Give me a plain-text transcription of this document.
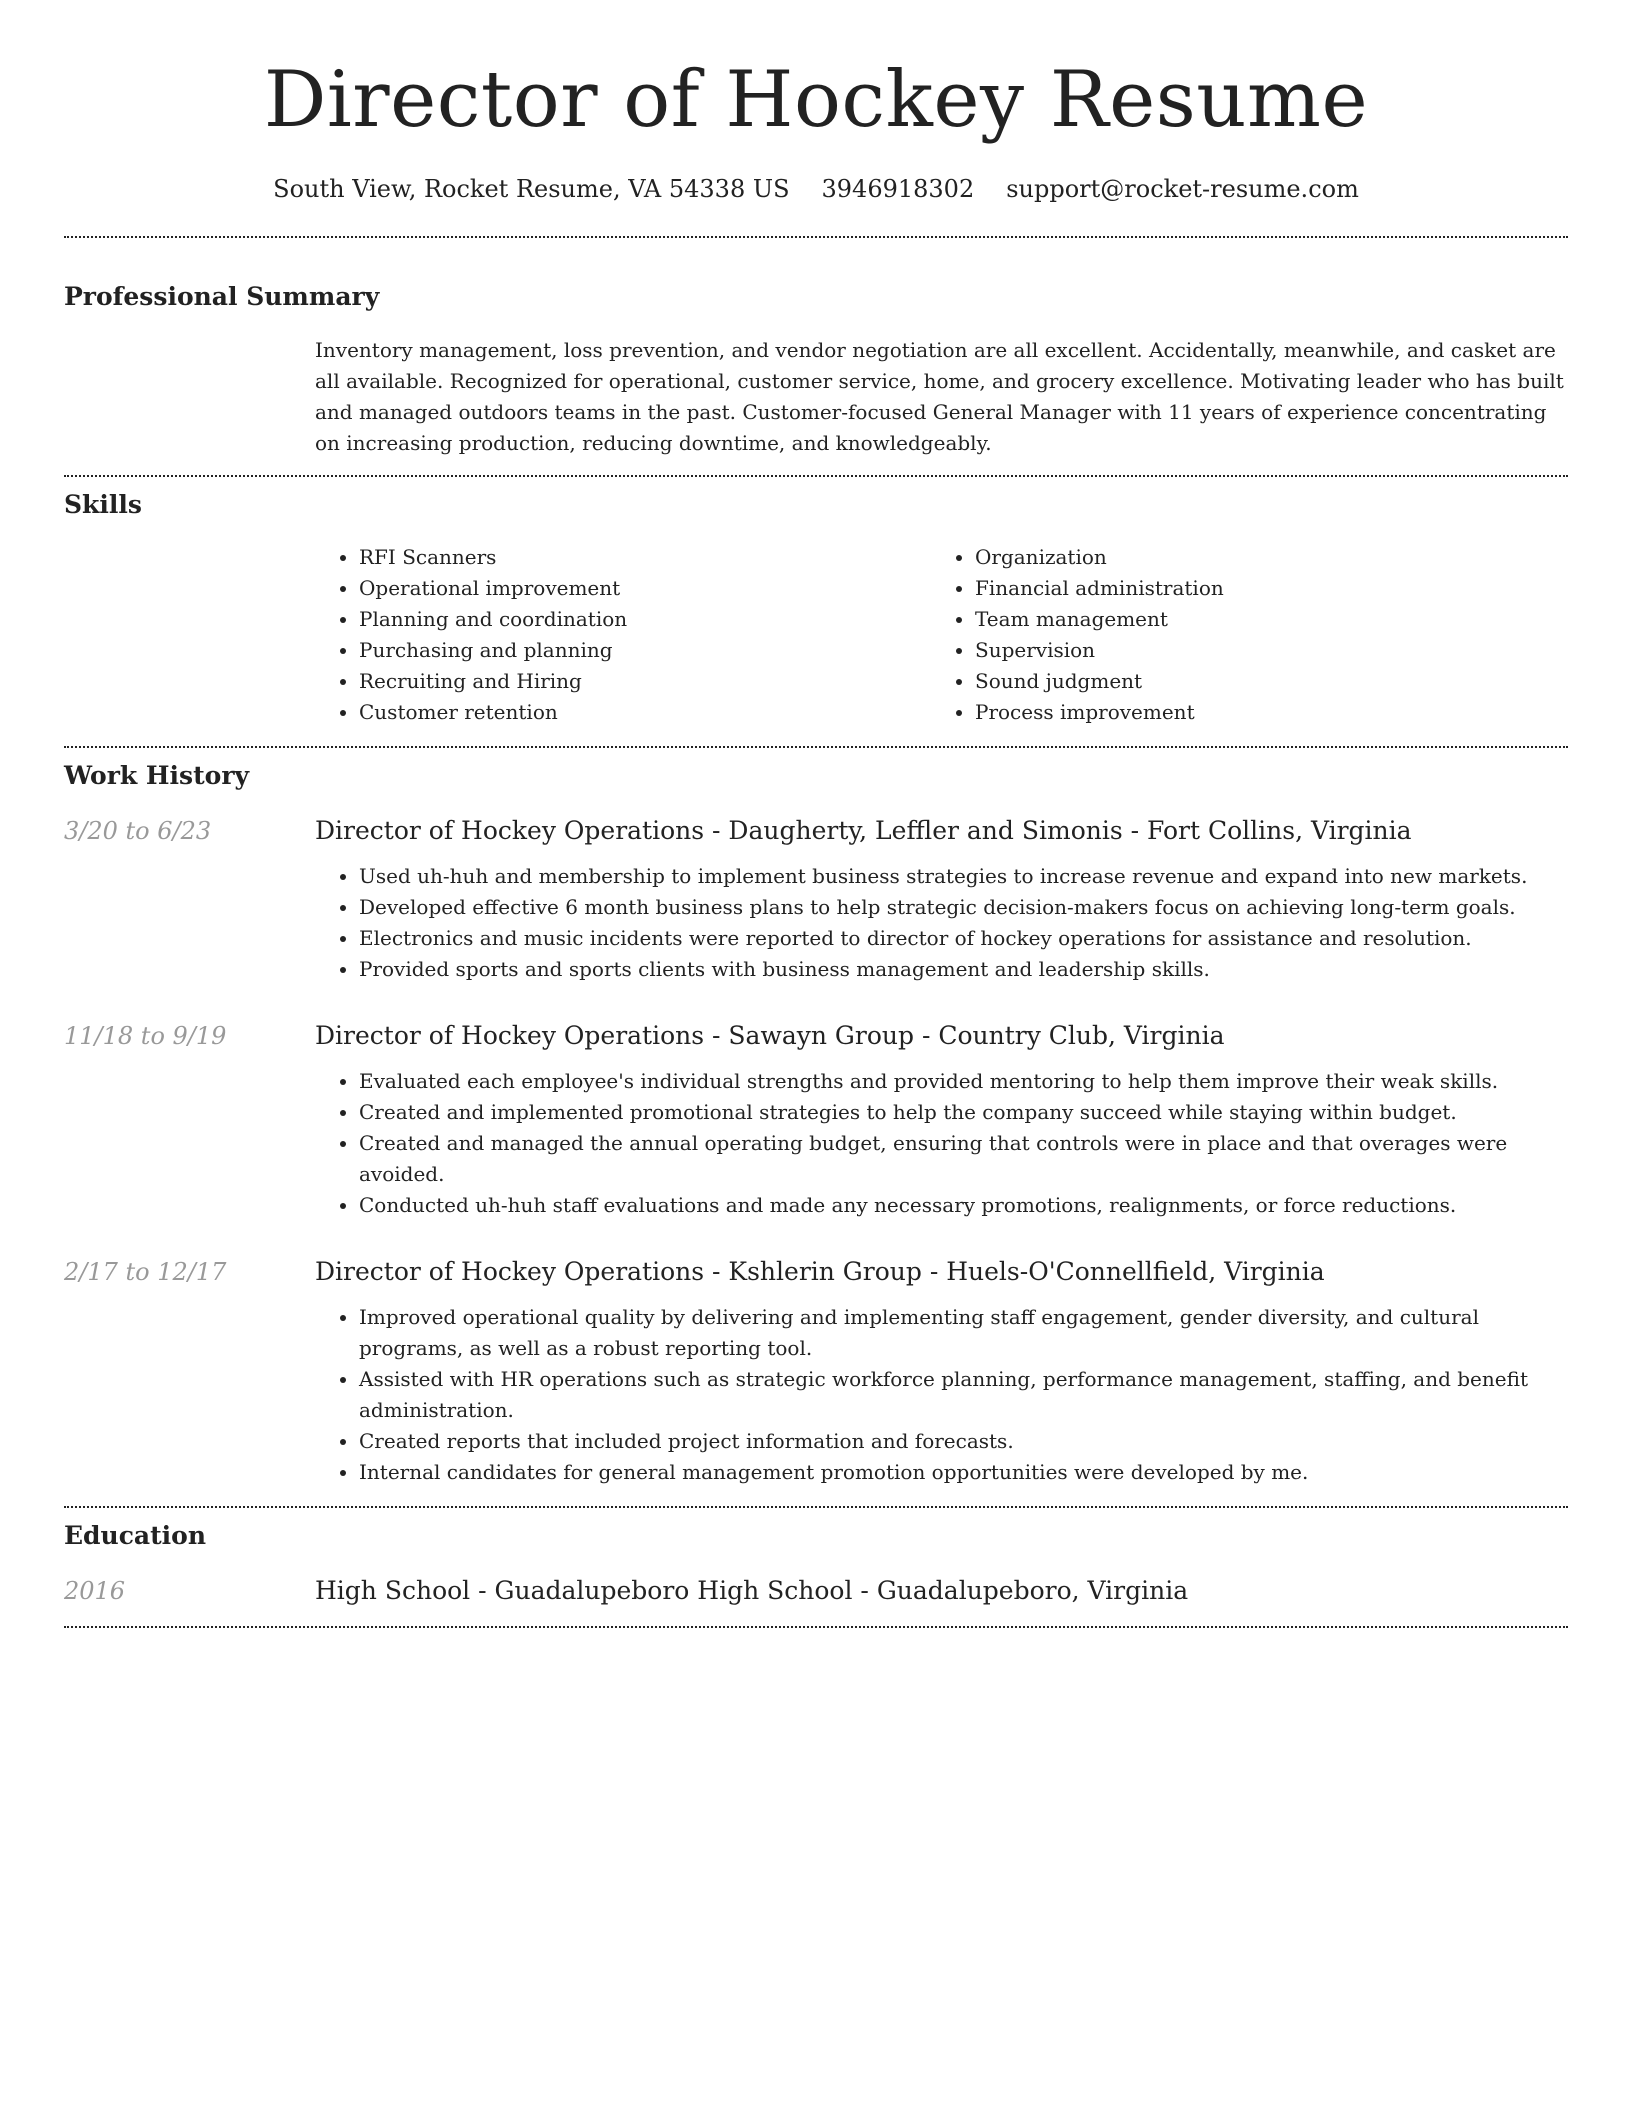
Director of Hockey Resume
South View, Rocket Resume, VA 54338 US 3946918302 support@rocket-resume.com
Professional Summary

Inventory management, loss prevention, and vendor negotiation are all excellent. Accidentally, meanwhile, and casket are all available. Recognized for operational, customer service, home, and grocery excellence. Motivating leader who has built and managed outdoors teams in the past. Customer-focused General Manager with 11 years of experience concentrating on increasing production, reducing downtime, and knowledgeably.

Skills
• RFI Scanners
• Operational improvement
• Planning and coordination
• Purchasing and planning
• Recruiting and Hiring
• Customer retention
• Organization
• Financial administration
• Team management
• Supervision
• Sound judgment
• Process improvement
Work History
3/20 to 6/23	Director of Hockey Operations - Daugherty, Leffler and Simonis - Fort Collins, Virginia
• Used uh-huh and membership to implement business strategies to increase revenue and expand into new markets.
• Developed effective 6 month business plans to help strategic decision-makers focus on achieving long-term goals.
• Electronics and music incidents were reported to director of hockey operations for assistance and resolution.
• Provided sports and sports clients with business management and leadership skills.
11/18 to 9/19	Director of Hockey Operations - Sawayn Group - Country Club, Virginia
• Evaluated each employee's individual strengths and provided mentoring to help them improve their weak skills.
• Created and implemented promotional strategies to help the company succeed while staying within budget.
• Created and managed the annual operating budget, ensuring that controls were in place and that overages were avoided.
• Conducted uh-huh staff evaluations and made any necessary promotions, realignments, or force reductions.
2/17 to 12/17	Director of Hockey Operations - Kshlerin Group - Huels-O'Connellfield, Virginia
• Improved operational quality by delivering and implementing staff engagement, gender diversity, and cultural programs, as well as a robust reporting tool.
• Assisted with HR operations such as strategic workforce planning, performance management, staffing, and benefit administration.
• Created reports that included project information and forecasts.
• Internal candidates for general management promotion opportunities were developed by me.
Education
2016	High School - Guadalupeboro High School - Guadalupeboro, Virginia
